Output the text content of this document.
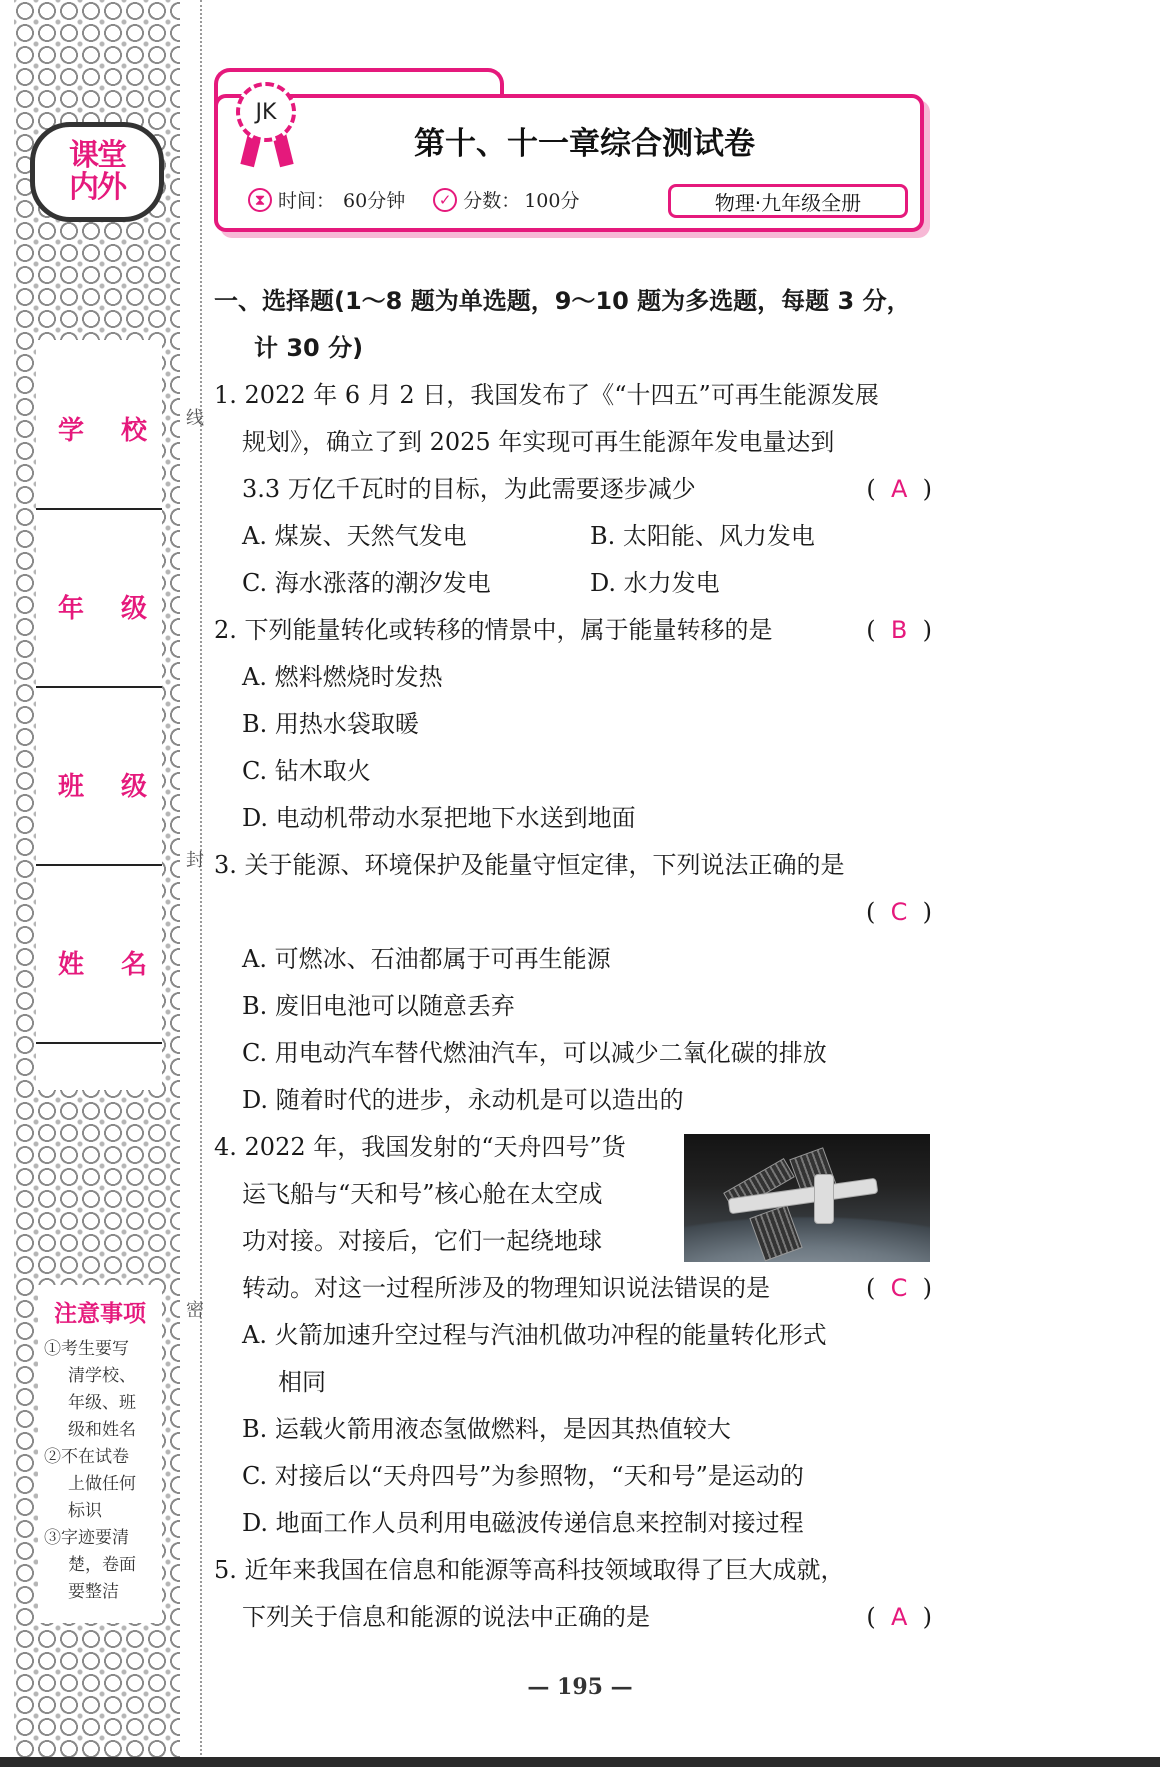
课堂
内外
学 校
年 级
班 级
姓 名
注意事项
①考生要写
清学校、
年级、班
级和姓名
②不在试卷
上做任何
标识
③字迹要清
楚，卷面
要整洁
线
封
密
JK
第十、十一章综合测试卷
⧗ 时间： 60分钟	✓ 分数： 100分	物理·九年级全册
一、选择题(1～8 题为单选题，9～10 题为多选题，每题 3 分，
计 30 分)
1. 2022 年 6 月 2 日，我国发布了《“十四五”可再生能源发展
规划》，确立了到 2025 年实现可再生能源年发电量达到
3.3 万亿千瓦时的目标，为此需要逐步减少	(  A  )
A. 煤炭、天然气发电	B. 太阳能、风力发电
C. 海水涨落的潮汐发电	D. 水力发电
2. 下列能量转化或转移的情景中，属于能量转移的是	(  B  )
A. 燃料燃烧时发热
B. 用热水袋取暖
C. 钻木取火
D. 电动机带动水泵把地下水送到地面
3. 关于能源、环境保护及能量守恒定律，下列说法正确的是
(  C  )
A. 可燃冰、石油都属于可再生能源
B. 废旧电池可以随意丢弃
C. 用电动汽车替代燃油汽车，可以减少二氧化碳的排放
D. 随着时代的进步，永动机是可以造出的
4. 2022 年，我国发射的“天舟四号”货
运飞船与“天和号”核心舱在太空成
功对接。对接后，它们一起绕地球
转动。对这一过程所涉及的物理知识说法错误的是	(  C  )
A. 火箭加速升空过程与汽油机做功冲程的能量转化形式
相同
B. 运载火箭用液态氢做燃料，是因其热值较大
C. 对接后以“天舟四号”为参照物，“天和号”是运动的
D. 地面工作人员利用电磁波传递信息来控制对接过程
5. 近年来我国在信息和能源等高科技领域取得了巨大成就，
下列关于信息和能源的说法中正确的是	(  A  )
— 195 —
